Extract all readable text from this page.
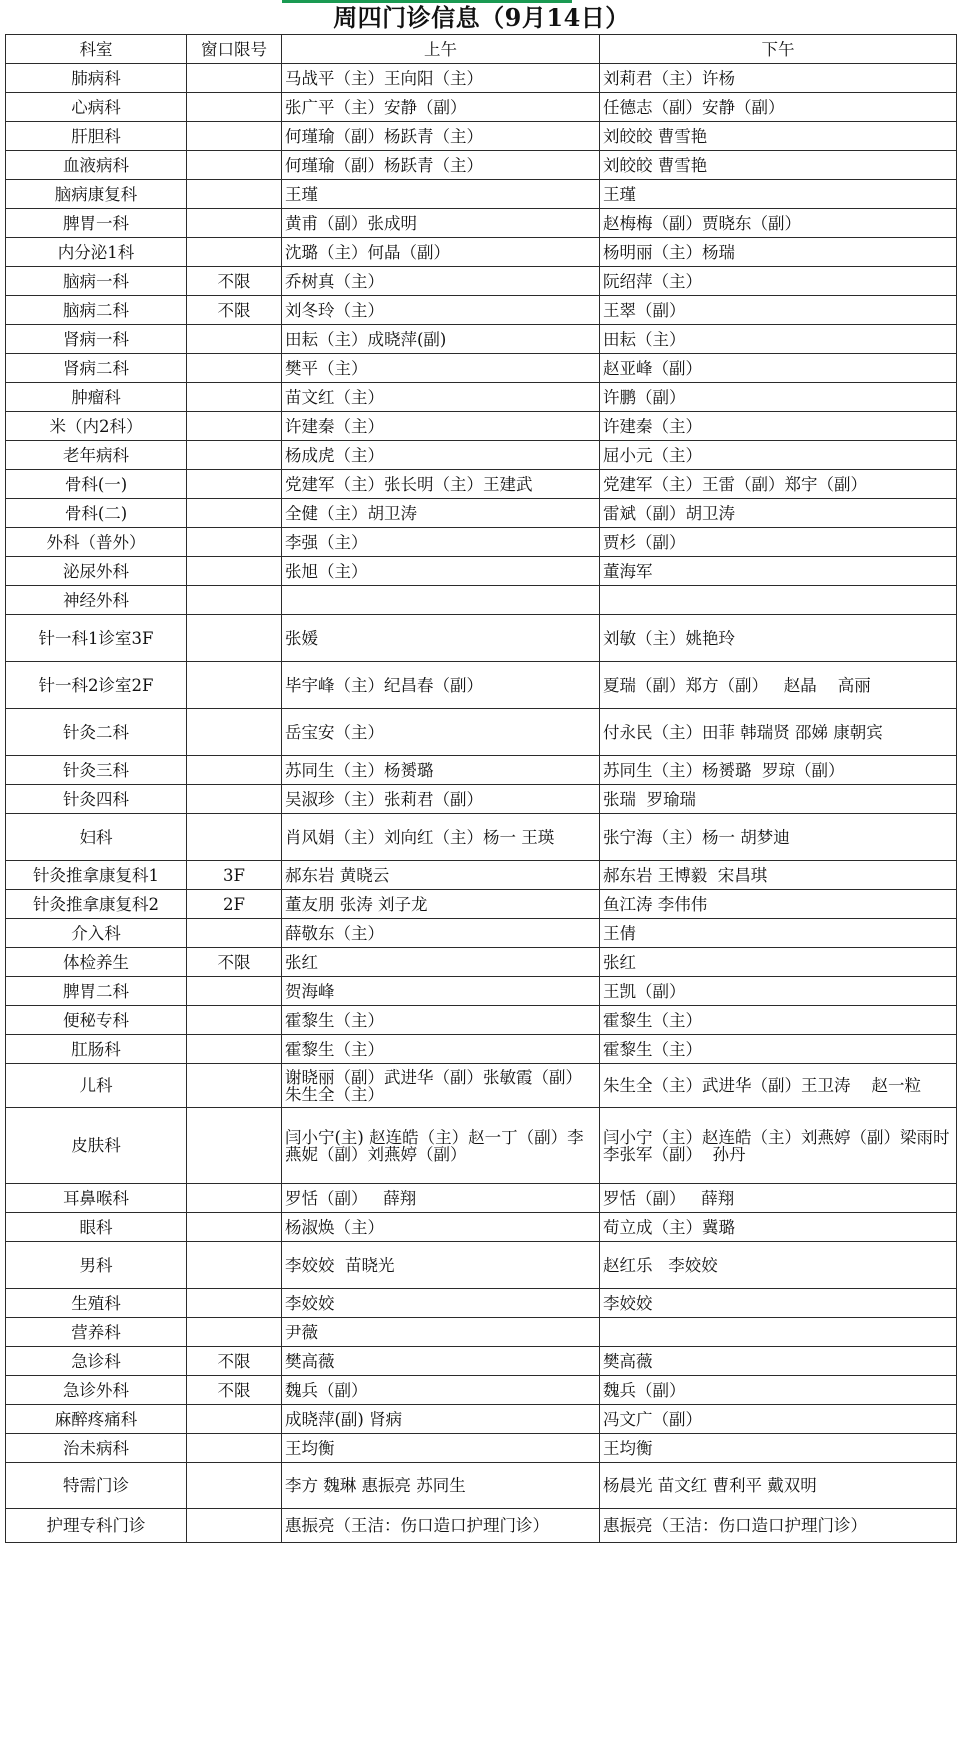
周四门诊信息（9月14日）
科室	窗口限号	上午	下午
肺病科		马战平（主）王向阳（主）	刘莉君（主）许杨
心病科		张广平（主）安静（副）	任德志（副）安静（副）
肝胆科		何瑾瑜（副）杨跃青（主）	刘皎皎 曹雪艳
血液病科		何瑾瑜（副）杨跃青（主）	刘皎皎 曹雪艳
脑病康复科		王瑾	王瑾
脾胃一科		黄甫（副）张成明	赵梅梅（副）贾晓东（副）
内分泌1科		沈璐（主）何晶（副）	杨明丽（主）杨瑞
脑病一科	不限	乔树真（主）	阮绍萍（主）
脑病二科	不限	刘冬玲（主）	王翠（副）
肾病一科		田耘（主）成晓萍(副)	田耘（主）
肾病二科		樊平（主）	赵亚峰（副）
肿瘤科		苗文红（主）	许鹏（副）
米（内2科）		许建秦（主）	许建秦（主）
老年病科		杨成虎（主）	屈小元（主）
骨科(一)		党建军（主）张长明（主）王建武	党建军（主）王雷（副）郑宇（副）
骨科(二)		全健（主）胡卫涛	雷斌（副）胡卫涛
外科（普外）		李强（主）	贾杉（副）
泌尿外科		张旭（主）	董海军
神经外科			
针一科1诊室3F		张媛	刘敏（主）姚艳玲
针一科2诊室2F		毕宇峰（主）纪昌春（副）	夏瑞（副）郑方（副）   赵晶    高丽
针灸二科		岳宝安（主）	付永民（主）田菲 韩瑞贤 邵娣 康朝宾
针灸三科		苏同生（主）杨赟璐	苏同生（主）杨赟璐  罗琼（副）
针灸四科		吴淑珍（主）张莉君（副）	张瑞  罗瑜瑞
妇科		肖风娟（主）刘向红（主）杨一 王瑛	张宁海（主）杨一 胡梦迪
针灸推拿康复科1	3F	郝东岩 黄晓云	郝东岩 王博毅  宋昌琪
针灸推拿康复科2	2F	董友朋 张涛 刘子龙	鱼江涛 李伟伟
介入科		薛敬东（主）	王倩
体检养生	不限	张红	张红
脾胃二科		贺海峰	王凯（副）
便秘专科		霍黎生（主）	霍黎生（主）
肛肠科		霍黎生（主）	霍黎生（主）
儿科		谢晓丽（副）武进华（副）张敏霞（副）朱生全（主）	朱生全（主）武进华（副）王卫涛    赵一粒
皮肤科		闫小宁(主) 赵连皓（主）赵一丁（副）李燕妮（副）刘燕婷（副）	闫小宁（主）赵连皓（主）刘燕婷（副）梁雨时  李张军（副）  孙丹
耳鼻喉科		罗恬（副）   薛翔	罗恬（副）   薛翔
眼科		杨淑焕（主）	荀立成（主）冀璐
男科		李姣姣  苗晓光	赵红乐   李姣姣
生殖科		李姣姣	李姣姣
营养科		尹薇	
急诊科	不限	樊高薇	樊高薇
急诊外科	不限	魏兵（副）	魏兵（副）
麻醉疼痛科		成晓萍(副) 肾病	冯文广（副）
治未病科		王均衡	王均衡
特需门诊		李方 魏琳 惠振亮 苏同生	杨晨光 苗文红 曹利平 戴双明
护理专科门诊		惠振亮（王洁：伤口造口护理门诊）	惠振亮（王洁：伤口造口护理门诊）
